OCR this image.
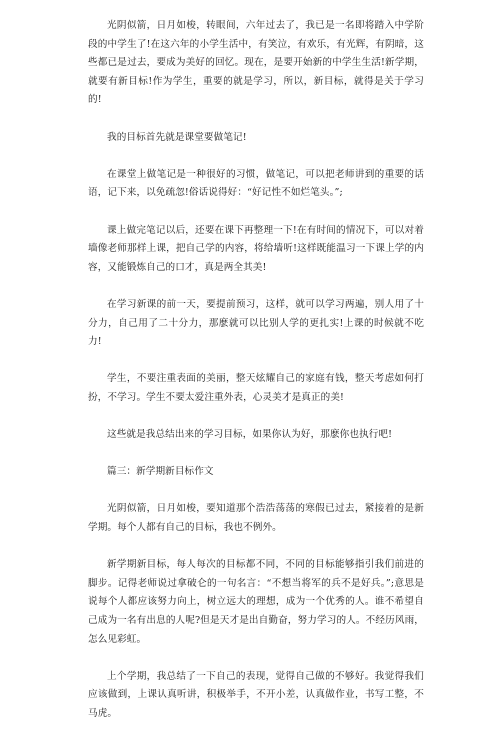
光阴似箭，日月如梭，转眼间，六年过去了，我已是一名即将踏入中学阶段的中学生了!在这六年的小学生活中，有笑泣，有欢乐，有光辉，有阴暗，这些都已是过去，要成为美好的回忆。现在，是要开始新的中学生生活!新学期，就要有新目标!作为学生，重要的就是学习，所以，新目标，就得是关于学习的!

我的目标首先就是课堂要做笔记!

在课堂上做笔记是一种很好的习惯，做笔记，可以把老师讲到的重要的话语，记下来，以免疏忽!俗话说得好：“好记性不如烂笔头。”;

课上做完笔记以后，还要在课下再整理一下!在有时间的情况下，可以对着墙像老师那样上课，把自己学的内容，将给墙听!这样既能温习一下课上学的内容，又能锻炼自己的口才，真是两全其美!

在学习新课的前一天，要提前预习，这样，就可以学习两遍，别人用了十分力，自己用了二十分力，那麽就可以比别人学的更扎实!上课的时候就不吃力!

学生，不要注重表面的美丽，整天炫耀自己的家庭有钱，整天考虑如何打扮，不学习。学生不要太爱注重外表，心灵美才是真正的美!

这些就是我总结出来的学习目标，如果你认为好，那麽你也执行吧!

篇三：新学期新目标作文

光阴似箭，日月如梭，要知道那个浩浩荡荡的寒假已过去，紧接着的是新学期。每个人都有自己的目标，我也不例外。

新学期新目标，每人每次的目标都不同，不同的目标能够指引我们前进的脚步。记得老师说过拿破仑的一句名言：“不想当将军的兵不是好兵。”;意思是说每个人都应该努力向上，树立远大的理想，成为一个优秀的人。谁不希望自己成为一名有出息的人呢?但是天才是出自勤奋，努力学习的人。不经历风雨，怎么见彩虹。

上个学期，我总结了一下自己的表现，觉得自己做的不够好。我觉得我们应该做到，上课认真听讲，积极举手，不开小差，认真做作业，书写工整，不马虎。
